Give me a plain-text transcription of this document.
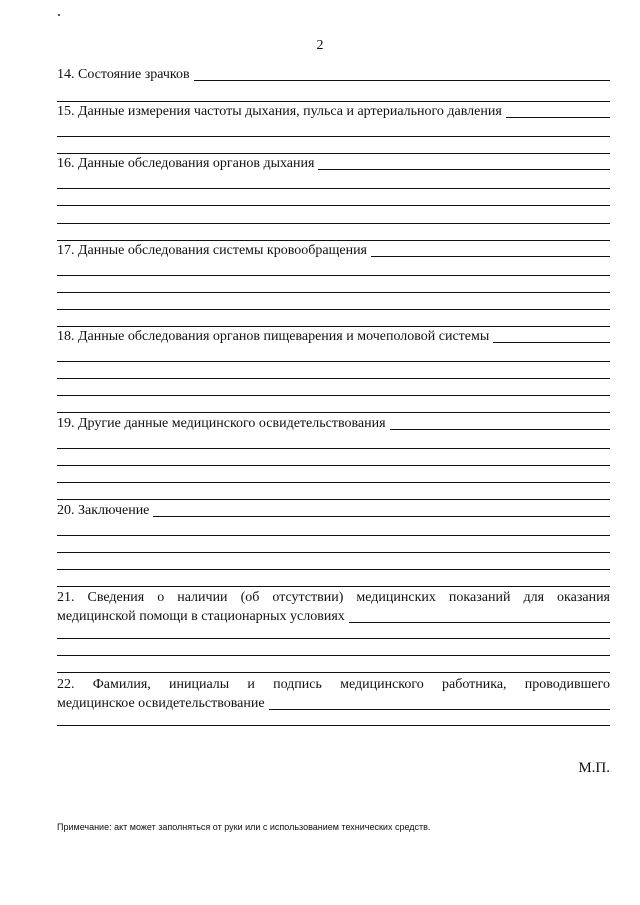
2
14. Состояние зрачков
15. Данные измерения частоты дыхания, пульса и артериального давления
16. Данные обследования органов дыхания
17. Данные обследования системы кровообращения
18. Данные обследования органов пищеварения и мочеполовой системы
19. Другие данные медицинского освидетельствования
20. Заключение
21. Сведения о наличии (об отсутствии) медицинских показаний для оказания
медицинской помощи в стационарных условиях
22. Фамилия, инициалы и подпись медицинского работника, проводившего
медицинское освидетельствование
М.П.
Примечание: акт может заполняться от руки или с использованием технических средств.
